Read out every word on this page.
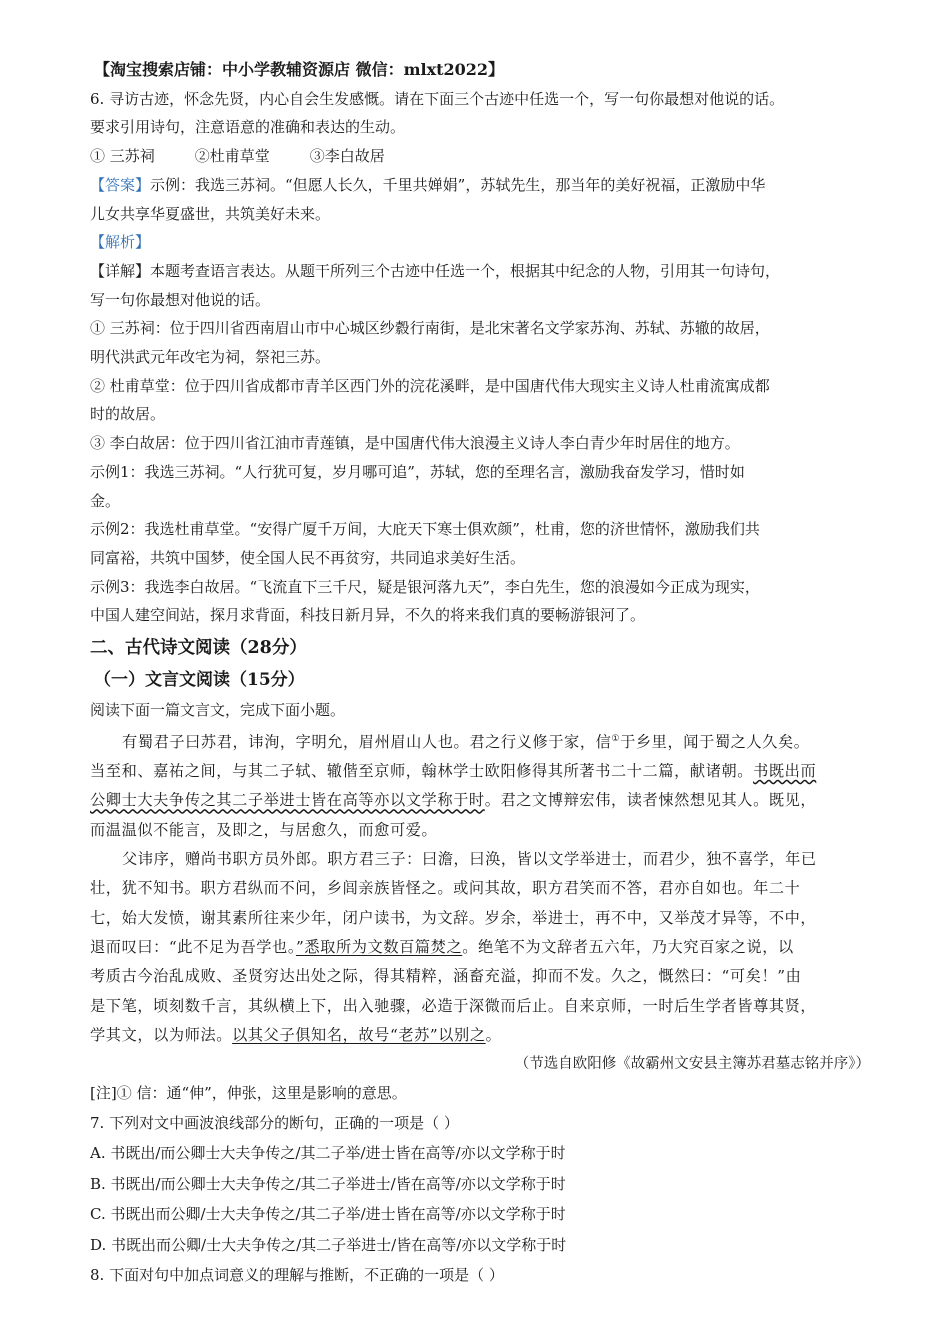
【淘宝搜索店铺：中小学教辅资源店 微信：mlxt2022】
6. 寻访古迹，怀念先贤，内心自会生发感慨。请在下面三个古迹中任选一个，写一句你最想对他说的话。
要求引用诗句，注意语意的准确和表达的生动。
① 三苏祠	②杜甫草堂	③李白故居
【答案】示例：我选三苏祠。“但愿人长久，千里共婵娟”，苏轼先生，那当年的美好祝福，正激励中华
儿女共享华夏盛世，共筑美好未来。
【解析】
【详解】本题考查语言表达。从题干所列三个古迹中任选一个，根据其中纪念的人物，引用其一句诗句，
写一句你最想对他说的话。
① 三苏祠：位于四川省西南眉山市中心城区纱縠行南街，是北宋著名文学家苏洵、苏轼、苏辙的故居，
明代洪武元年改宅为祠，祭祀三苏。
② 杜甫草堂：位于四川省成都市青羊区西门外的浣花溪畔，是中国唐代伟大现实主义诗人杜甫流寓成都
时的故居。
③ 李白故居：位于四川省江油市青莲镇，是中国唐代伟大浪漫主义诗人李白青少年时居住的地方。
示例1：我选三苏祠。“人行犹可复，岁月哪可追”，苏轼，您的至理名言，激励我奋发学习，惜时如
金。
示例2：我选杜甫草堂。“安得广厦千万间，大庇天下寒士俱欢颜”，杜甫，您的济世情怀，激励我们共
同富裕，共筑中国梦，使全国人民不再贫穷，共同追求美好生活。
示例3：我选李白故居。“飞流直下三千尺，疑是银河落九天”，李白先生，您的浪漫如今正成为现实，
中国人建空间站，探月求背面，科技日新月异，不久的将来我们真的要畅游银河了。
二、古代诗文阅读（28分）
（一）文言文阅读（15分）
阅读下面一篇文言文，完成下面小题。
有蜀君子曰苏君，讳洵，字明允，眉州眉山人也。君之行义修于家，信①于乡里，闻于蜀之人久矣。
当至和、嘉祐之间，与其二子轼、辙偕至京师，翰林学士欧阳修得其所著书二十二篇，献诸朝。书既出而
公卿士大夫争传之其二子举进士皆在高等亦以文学称于时。君之文博辩宏伟，读者悚然想见其人。既见，
而温温似不能言，及即之，与居愈久，而愈可爱。
父讳序，赠尚书职方员外郎。职方君三子：曰澹，曰涣，皆以文学举进士，而君少，独不喜学，年已
壮，犹不知书。职方君纵而不问，乡闾亲族皆怪之。或问其故，职方君笑而不答，君亦自如也。年二十
七，始大发愤，谢其素所往来少年，闭户读书，为文辞。岁余，举进士，再不中，又举茂才异等，不中，
退而叹曰：“此不足为吾学也。”悉取所为文数百篇焚之。绝笔不为文辞者五六年，乃大究百家之说，以
考质古今治乱成败、圣贤穷达出处之际，得其精粹，涵畜充溢，抑而不发。久之，慨然曰：“可矣！”由
是下笔，顷刻数千言，其纵横上下，出入驰骤，必造于深微而后止。自来京师，一时后生学者皆尊其贤，
学其文，以为师法。以其父子俱知名，故号“老苏”以别之。
（节选自欧阳修《故霸州文安县主簿苏君墓志铭并序》）
[注]① 信：通“伸”，伸张，这里是影响的意思。
7. 下列对文中画波浪线部分的断句，正确的一项是（ ）
A. 书既出/而公卿士大夫争传之/其二子举/进士皆在高等/亦以文学称于时
B. 书既出/而公卿士大夫争传之/其二子举进士/皆在高等/亦以文学称于时
C. 书既出而公卿/士大夫争传之/其二子举/进士皆在高等/亦以文学称于时
D. 书既出而公卿/士大夫争传之/其二子举进士/皆在高等/亦以文学称于时
8. 下面对句中加点词意义的理解与推断，不正确的一项是（ ）
